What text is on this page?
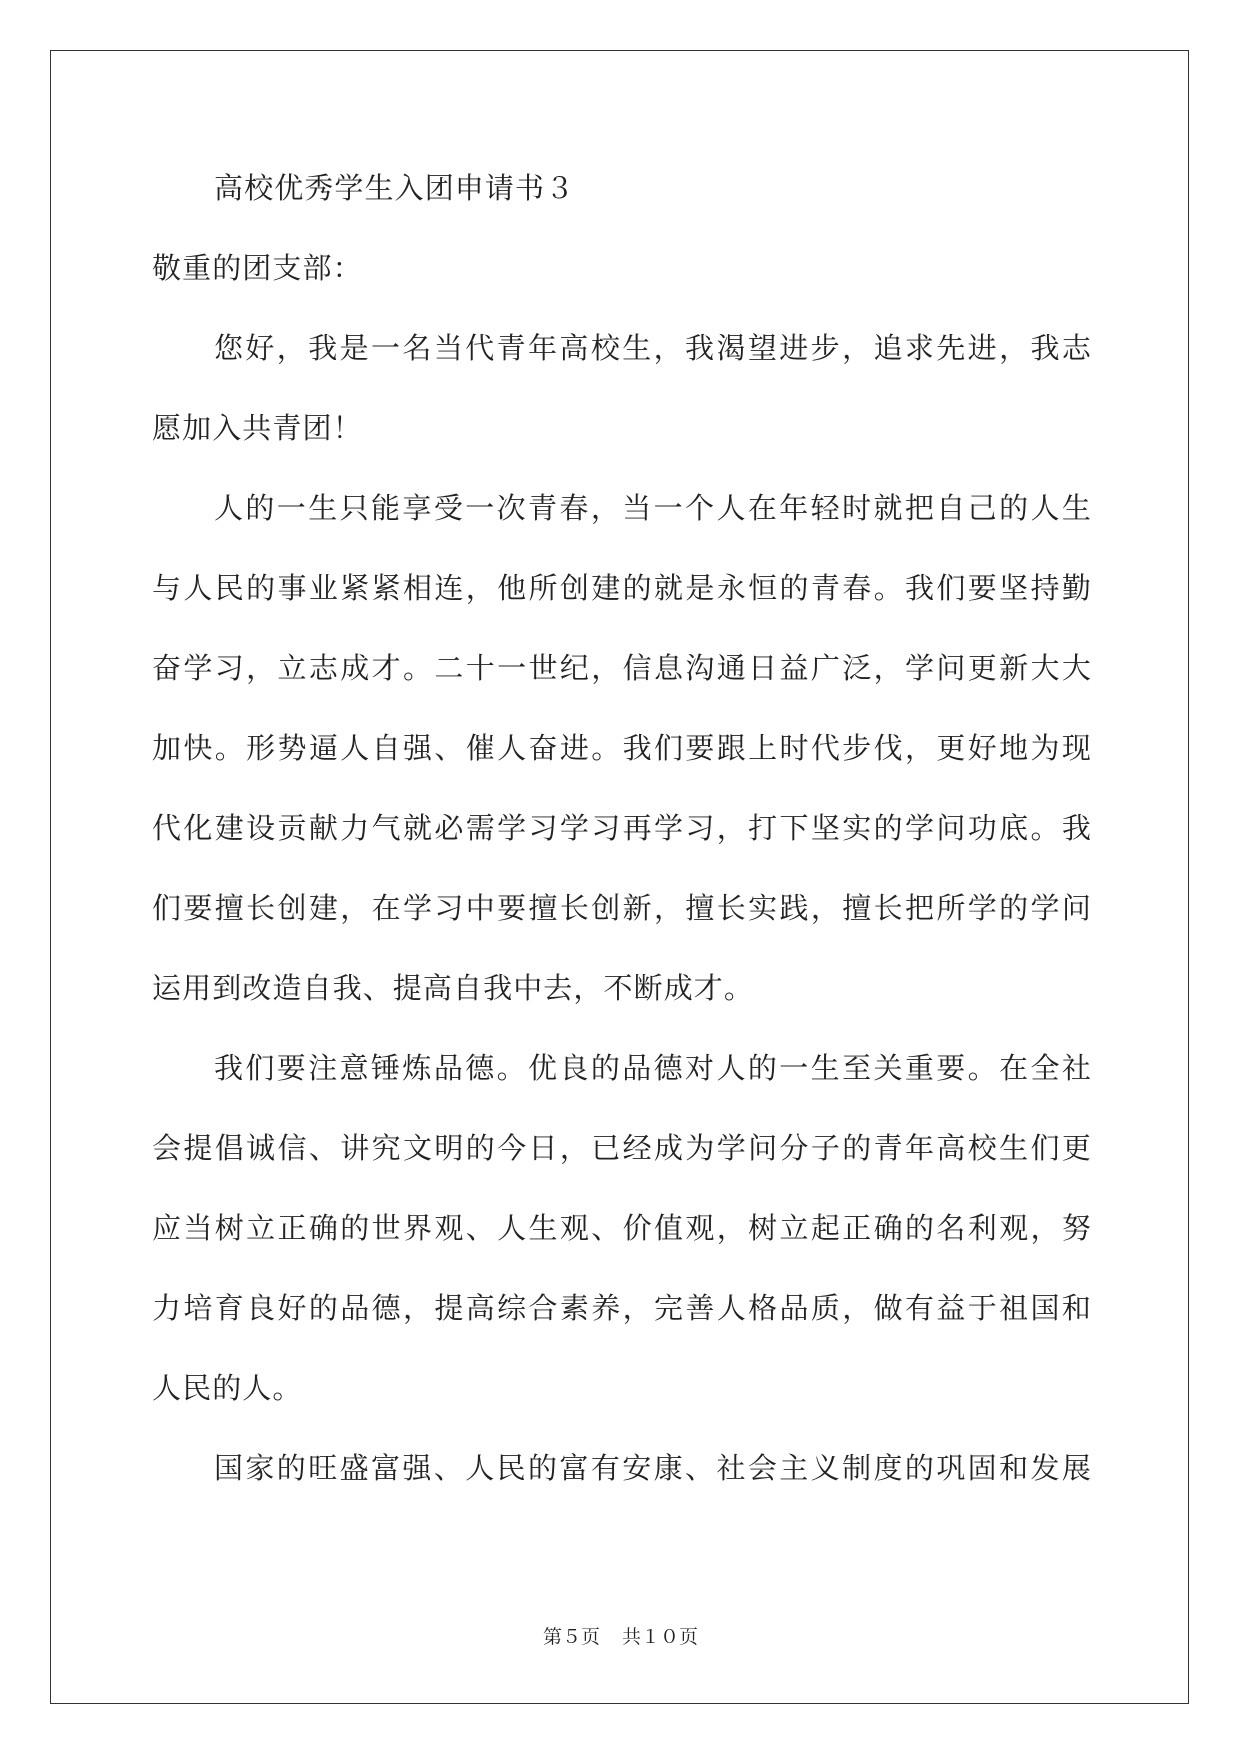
高校优秀学生入团申请书３
敬重的团支部：
您好，我是一名当代青年高校生，我渴望进步，追求先进，我志
愿加入共青团！
人的一生只能享受一次青春，当一个人在年轻时就把自己的人生
与人民的事业紧紧相连，他所创建的就是永恒的青春。我们要坚持勤
奋学习，立志成才。二十一世纪，信息沟通日益广泛，学问更新大大
加快。形势逼人自强、催人奋进。我们要跟上时代步伐，更好地为现
代化建设贡献力气就必需学习学习再学习，打下坚实的学问功底。我
们要擅长创建，在学习中要擅长创新，擅长实践，擅长把所学的学问
运用到改造自我、提高自我中去，不断成才。
我们要注意锤炼品德。优良的品德对人的一生至关重要。在全社
会提倡诚信、讲究文明的今日，已经成为学问分子的青年高校生们更
应当树立正确的世界观、人生观、价值观，树立起正确的名利观，努
力培育良好的品德，提高综合素养，完善人格品质，做有益于祖国和
人民的人。
国家的旺盛富强、人民的富有安康、社会主义制度的巩固和发展
第５页 共１０页
